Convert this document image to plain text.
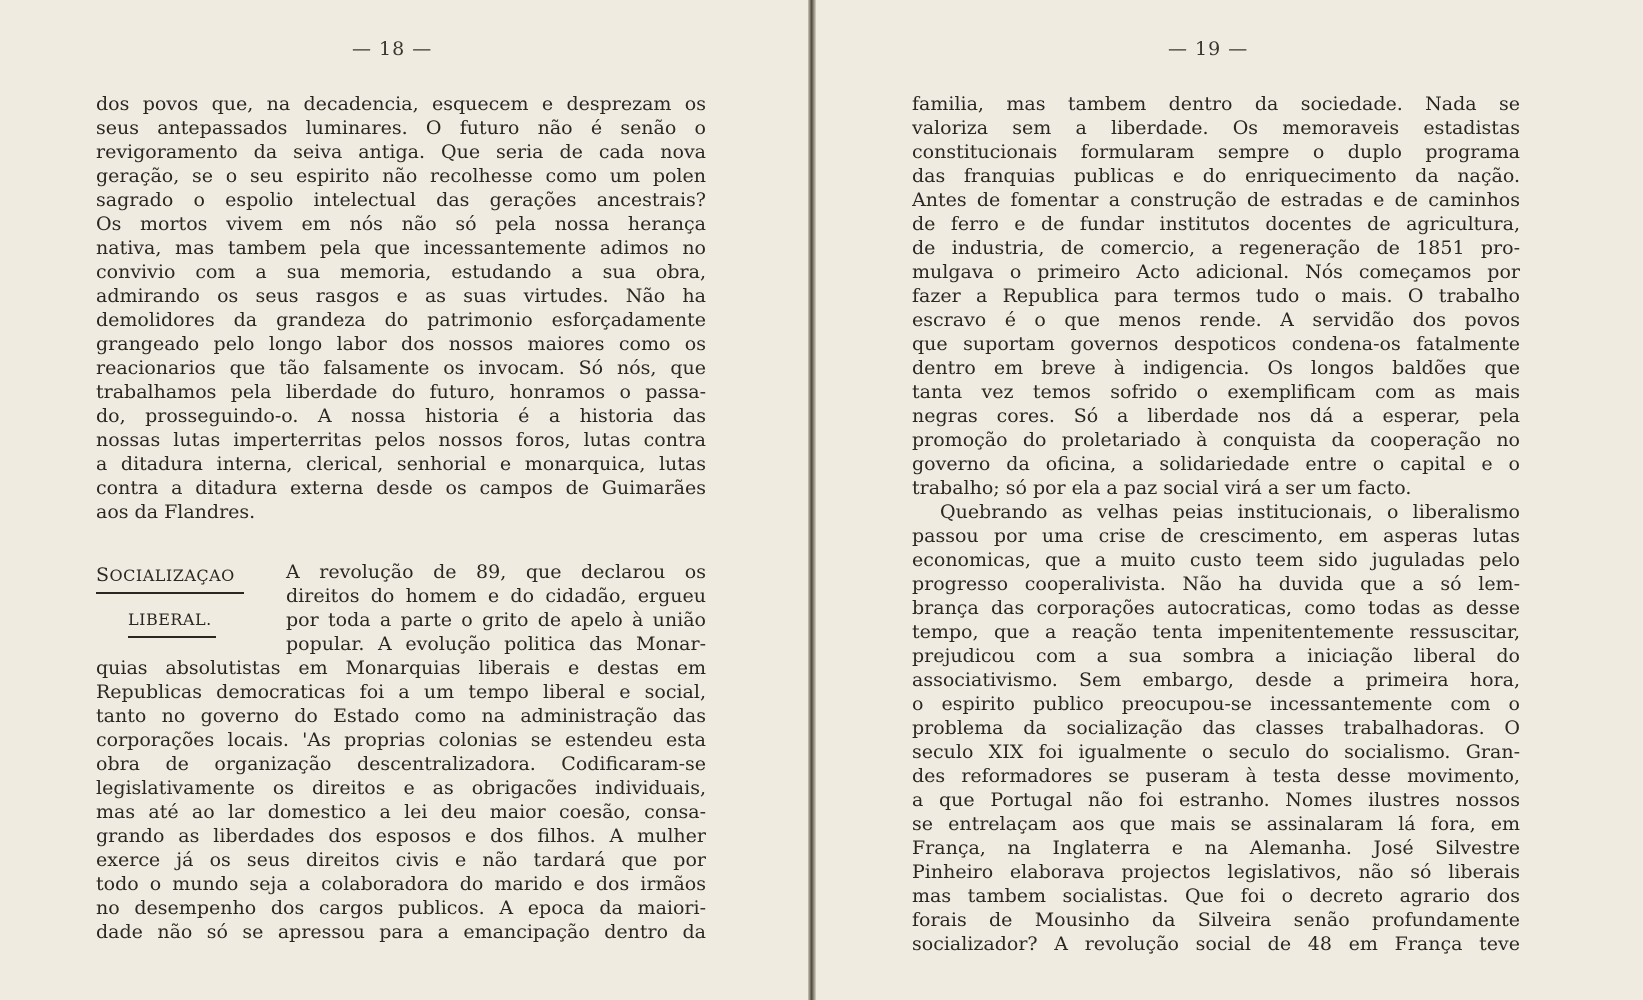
— 18 —
dos povos que, na decadencia, esquecem e desprezam os
seus antepassados luminares. O futuro não é senão o
revigoramento da seiva antiga. Que seria de cada nova
geração, se o seu espirito não recolhesse como um polen
sagrado o espolio intelectual das gerações ancestrais?
Os mortos vivem em nós não só pela nossa herança
nativa, mas tambem pela que incessantemente adimos no
convivio com a sua memoria, estudando a sua obra,
admirando os seus rasgos e as suas virtudes. Não ha
demolidores da grandeza do patrimonio esforçadamente
grangeado pelo longo labor dos nossos maiores como os
reacionarios que tão falsamente os invocam. Só nós, que
trabalhamos pela liberdade do futuro, honramos o passa-
do, prosseguindo-o. A nossa historia é a historia das
nossas lutas imperterritas pelos nossos foros, lutas contra
a ditadura interna, clerical, senhorial e monarquica, lutas
contra a ditadura externa desde os campos de Guimarães
aos da Flandres.
SOCIALIZAÇAO
LIBERAL.
A revolução de 89, que declarou os
direitos do homem e do cidadão, ergueu
por toda a parte o grito de apelo à união
popular. A evolução politica das Monar-
quias absolutistas em Monarquias liberais e destas em
Republicas democraticas foi a um tempo liberal e social,
tanto no governo do Estado como na administração das
corporações locais. 'As proprias colonias se estendeu esta
obra de organização descentralizadora. Codificaram-se
legislativamente os direitos e as obrigacões individuais,
mas até ao lar domestico a lei deu maior coesão, consa-
grando as liberdades dos esposos e dos filhos. A mulher
exerce já os seus direitos civis e não tardará que por
todo o mundo seja a colaboradora do marido e dos irmãos
no desempenho dos cargos publicos. A epoca da maiori-
dade não só se apressou para a emancipação dentro da
— 19 —
familia, mas tambem dentro da sociedade. Nada se
valoriza sem a liberdade. Os memoraveis estadistas
constitucionais formularam sempre o duplo programa
das franquias publicas e do enriquecimento da nação.
Antes de fomentar a construção de estradas e de caminhos
de ferro e de fundar institutos docentes de agricultura,
de industria, de comercio, a regeneração de 1851 pro-
mulgava o primeiro Acto adicional. Nós começamos por
fazer a Republica para termos tudo o mais. O trabalho
escravo é o que menos rende. A servidão dos povos
que suportam governos despoticos condena-os fatalmente
dentro em breve à indigencia. Os longos baldões que
tanta vez temos sofrido o exemplificam com as mais
negras cores. Só a liberdade nos dá a esperar, pela
promoção do proletariado à conquista da cooperação no
governo da oficina, a solidariedade entre o capital e o
trabalho; só por ela a paz social virá a ser um facto.
Quebrando as velhas peias institucionais, o liberalismo
passou por uma crise de crescimento, em asperas lutas
economicas, que a muito custo teem sido juguladas pelo
progresso cooperalivista. Não ha duvida que a só lem-
brança das corporações autocraticas, como todas as desse
tempo, que a reação tenta impenitentemente ressuscitar,
prejudicou com a sua sombra a iniciação liberal do
associativismo. Sem embargo, desde a primeira hora,
o espirito publico preocupou-se incessantemente com o
problema da socialização das classes trabalhadoras. O
seculo XIX foi igualmente o seculo do socialismo. Gran-
des reformadores se puseram à testa desse movimento,
a que Portugal não foi estranho. Nomes ilustres nossos
se entrelaçam aos que mais se assinalaram lá fora, em
França, na Inglaterra e na Alemanha. José Silvestre
Pinheiro elaborava projectos legislativos, não só liberais
mas tambem socialistas. Que foi o decreto agrario dos
forais de Mousinho da Silveira senão profundamente
socializador? A revolução social de 48 em França teve
